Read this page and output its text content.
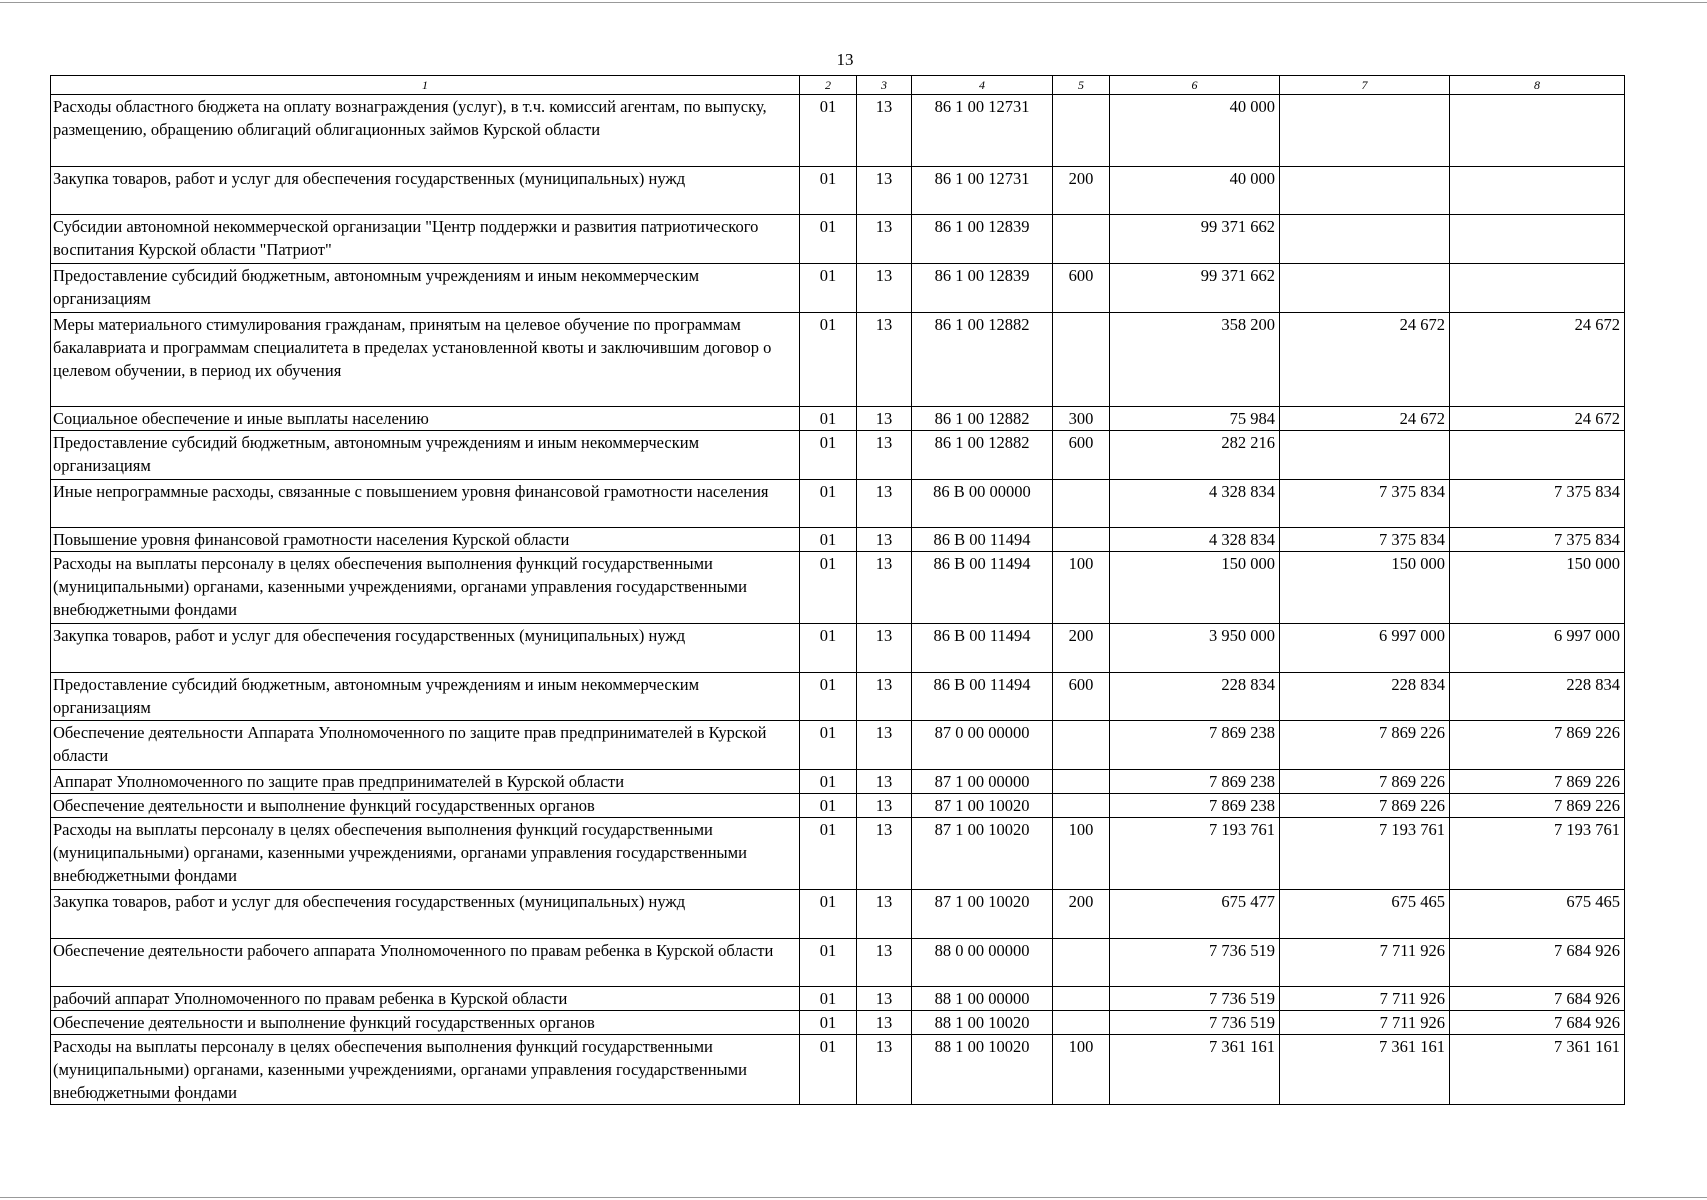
13
1	2	3	4	5	6	7	8
Расходы областного бюджета на оплату вознаграждения (услуг), в т.ч. комиссий агентам, по выпуску, размещению, обращению облигаций облигационных займов Курской области	01	13	86 1 00 12731		40 000		
Закупка товаров, работ и услуг для обеспечения государственных (муниципальных) нужд	01	13	86 1 00 12731	200	40 000		
Субсидии автономной некоммерческой организации "Центр поддержки и развития патриотического воспитания Курской области "Патриот"	01	13	86 1 00 12839		99 371 662		
Предоставление субсидий бюджетным, автономным учреждениям и иным некоммерческим организациям	01	13	86 1 00 12839	600	99 371 662		
Меры материального стимулирования гражданам, принятым на целевое обучение по программам бакалавриата и программам специалитета в пределах установленной квоты и заключившим договор о целевом обучении, в период их обучения	01	13	86 1 00 12882		358 200	24 672	24 672
Социальное обеспечение и иные выплаты населению	01	13	86 1 00 12882	300	75 984	24 672	24 672
Предоставление субсидий бюджетным, автономным учреждениям и иным некоммерческим организациям	01	13	86 1 00 12882	600	282 216		
Иные непрограммные расходы, связанные с повышением уровня финансовой грамотности населения	01	13	86 В 00 00000		4 328 834	7 375 834	7 375 834
Повышение уровня финансовой грамотности населения Курской области	01	13	86 В 00 11494		4 328 834	7 375 834	7 375 834
Расходы на выплаты персоналу в целях обеспечения выполнения функций государственными (муниципальными) органами, казенными учреждениями, органами управления государственными внебюджетными фондами	01	13	86 В 00 11494	100	150 000	150 000	150 000
Закупка товаров, работ и услуг для обеспечения государственных (муниципальных) нужд	01	13	86 В 00 11494	200	3 950 000	6 997 000	6 997 000
Предоставление субсидий бюджетным, автономным учреждениям и иным некоммерческим организациям	01	13	86 В 00 11494	600	228 834	228 834	228 834
Обеспечение деятельности Аппарата Уполномоченного по защите прав предпринимателей в Курской области	01	13	87 0 00 00000		7 869 238	7 869 226	7 869 226
Аппарат Уполномоченного по защите прав предпринимателей в Курской области	01	13	87 1 00 00000		7 869 238	7 869 226	7 869 226
Обеспечение деятельности и выполнение функций государственных органов	01	13	87 1 00 10020		7 869 238	7 869 226	7 869 226
Расходы на выплаты персоналу в целях обеспечения выполнения функций государственными (муниципальными) органами, казенными учреждениями, органами управления государственными внебюджетными фондами	01	13	87 1 00 10020	100	7 193 761	7 193 761	7 193 761
Закупка товаров, работ и услуг для обеспечения государственных (муниципальных) нужд	01	13	87 1 00 10020	200	675 477	675 465	675 465
Обеспечение деятельности рабочего аппарата Уполномоченного по правам ребенка в Курской области	01	13	88 0 00 00000		7 736 519	7 711 926	7 684 926
рабочий аппарат Уполномоченного по правам ребенка в Курской области	01	13	88 1 00 00000		7 736 519	7 711 926	7 684 926
Обеспечение деятельности и выполнение функций государственных органов	01	13	88 1 00 10020		7 736 519	7 711 926	7 684 926
Расходы на выплаты персоналу в целях обеспечения выполнения функций государственными (муниципальными) органами, казенными учреждениями, органами управления государственными внебюджетными фондами	01	13	88 1 00 10020	100	7 361 161	7 361 161	7 361 161
